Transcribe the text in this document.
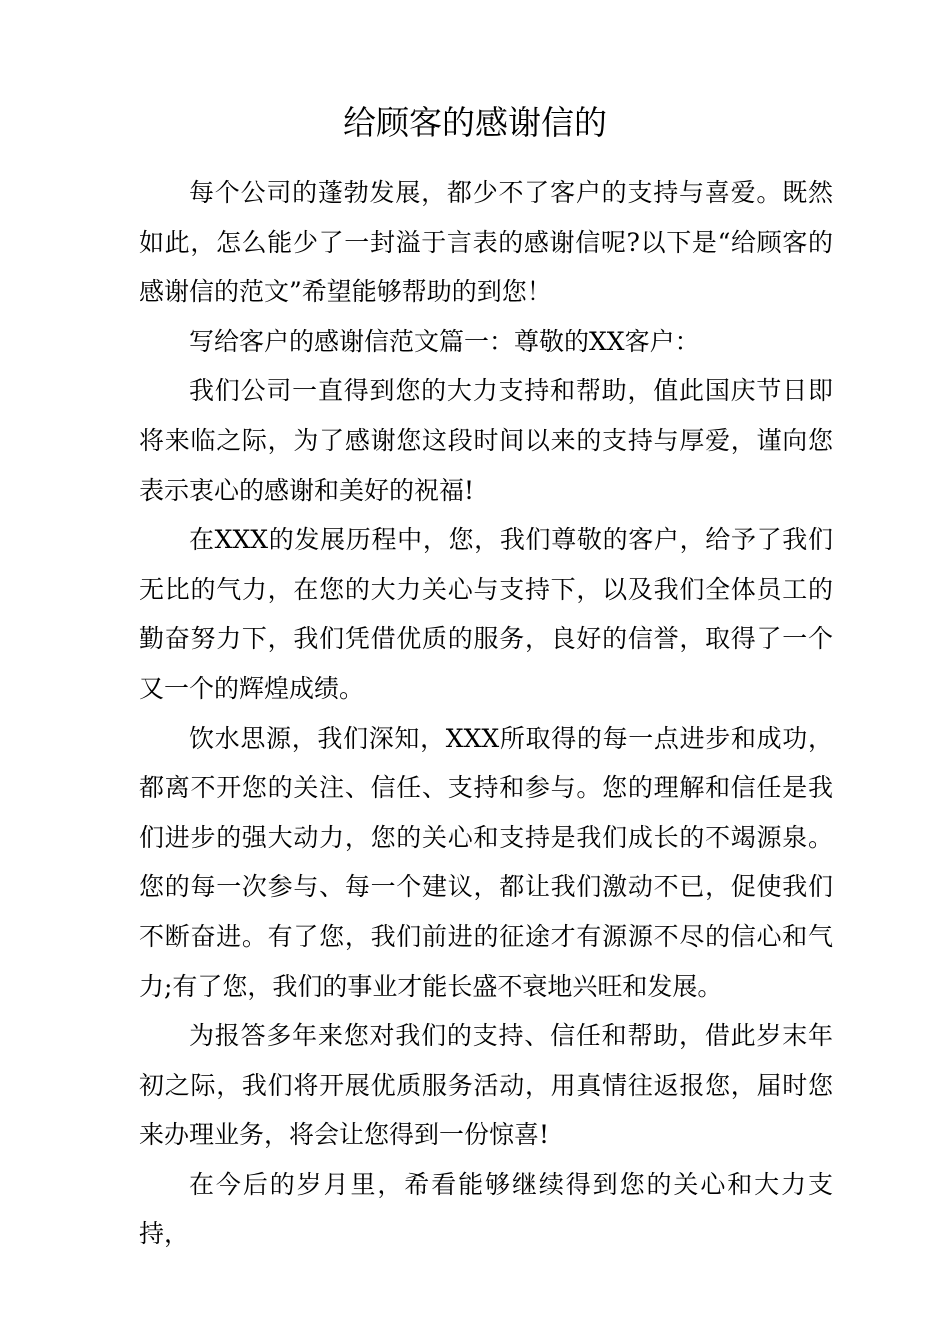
给顾客的感谢信的

每个公司的蓬勃发展，都少不了客户的支持与喜爱。既然如此，怎么能少了一封溢于言表的感谢信呢?以下是“给顾客的感谢信的范文”希望能够帮助的到您！

写给客户的感谢信范文篇一：尊敬的XX客户：

我们公司一直得到您的大力支持和帮助，值此国庆节日即将来临之际，为了感谢您这段时间以来的支持与厚爱，谨向您表示衷心的感谢和美好的祝福!

在XXX的发展历程中，您，我们尊敬的客户，给予了我们无比的气力，在您的大力关心与支持下，以及我们全体员工的勤奋努力下，我们凭借优质的服务，良好的信誉，取得了一个又一个的辉煌成绩。

饮水思源，我们深知，XXX所取得的每一点进步和成功，都离不开您的关注、信任、支持和参与。您的理解和信任是我们进步的强大动力，您的关心和支持是我们成长的不竭源泉。您的每一次参与、每一个建议，都让我们激动不已，促使我们不断奋进。有了您，我们前进的征途才有源源不尽的信心和气力;有了您，我们的事业才能长盛不衰地兴旺和发展。

为报答多年来您对我们的支持、信任和帮助，借此岁末年初之际，我们将开展优质服务活动，用真情往返报您，届时您来办理业务，将会让您得到一份惊喜!

在今后的岁月里，希看能够继续得到您的关心和大力支持，
